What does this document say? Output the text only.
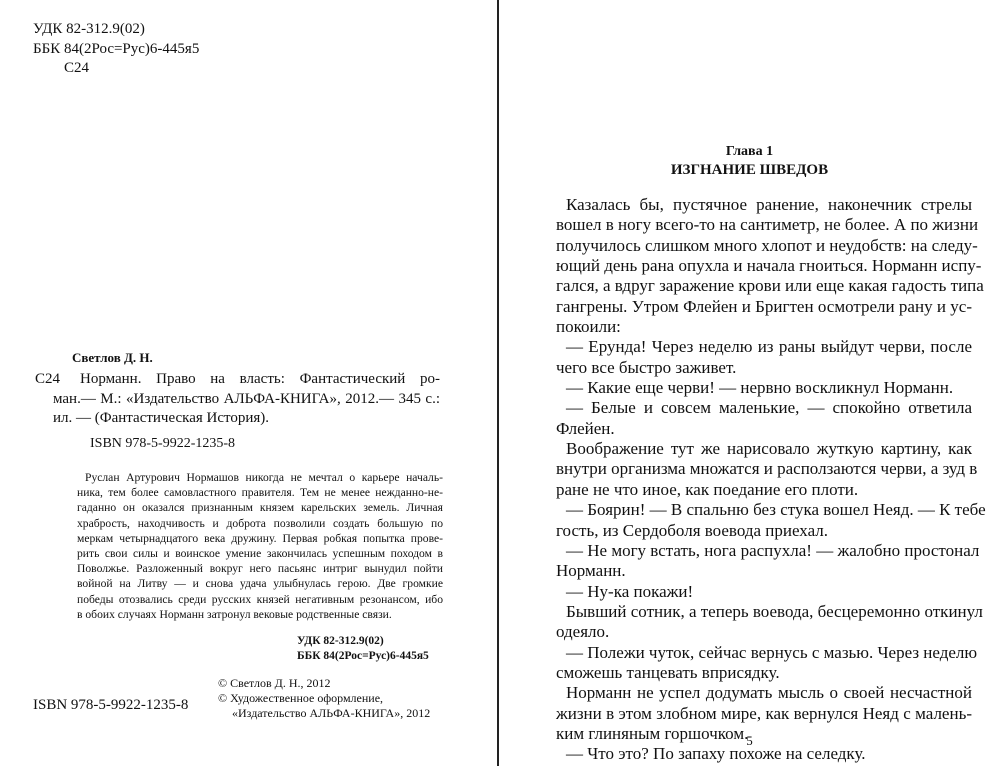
УДК 82-312.9(02)
ББК 84(2Рос=Рус)6-445я5
С24
Светлов Д. Н.

С24 Норманн. Право на власть: Фантастический ро-

ман.— М.: «Издательство АЛЬФА-КНИГА», 2012.— 345 с.:

ил. — (Фантастическая История).

ISBN 978-5-9922-1235-8

Руслан Артурович Нормашов никогда не мечтал о карьере началь-

ника, тем более самовластного правителя. Тем не менее нежданно-не-

гаданно он оказался признанным князем карельских земель. Личная

храбрость, находчивость и доброта позволили создать большую по

меркам четырнадцатого века дружину. Первая робкая попытка прове-

рить свои силы и воинское умение закончилась успешным походом в

Поволжье. Разложенный вокруг него пасьянс интриг вынудил пойти

войной на Литву — и снова удача улыбнулась герою. Две громкие

победы отозвались среди русских князей негативным резонансом, ибо

в обоих случаях Норманн затронул вековые родственные связи.

УДК 82-312.9(02)
ББК 84(2Рос=Рус)6-445я5
© Светлов Д. Н., 2012
© Художественное оформление,
«Издательство АЛЬФА-КНИГА», 2012
ISBN 978-5-9922-1235-8
Глава 1
ИЗГНАНИЕ ШВЕДОВ
Казалась бы, пустячное ранение, наконечник стрелы
вошел в ногу всего-то на сантиметр, не более. А по жизни
получилось слишком много хлопот и неудобств: на следу-
ющий день рана опухла и начала гноиться. Норманн испу-
гался, а вдруг заражение крови или еще какая гадость типа
гангрены. Утром Флейен и Бригтен осмотрели рану и ус-
покоили:
— Ерунда! Через неделю из раны выйдут черви, после
чего все быстро заживет.
— Какие еще черви! — нервно воскликнул Норманн.
— Белые и совсем маленькие, — спокойно ответила
Флейен.
Воображение тут же нарисовало жуткую картину, как
внутри организма множатся и расползаются черви, а зуд в
ране не что иное, как поедание его плоти.
— Боярин! — В спальню без стука вошел Неяд. — К тебе
гость, из Сердоболя воевода приехал.
— Не могу встать, нога распухла! — жалобно простонал
Норманн.
— Ну-ка покажи!
Бывший сотник, а теперь воевода, бесцеремонно откинул
одеяло.
— Полежи чуток, сейчас вернусь с мазью. Через неделю
сможешь танцевать вприсядку.
Норманн не успел додумать мысль о своей несчастной
жизни в этом злобном мире, как вернулся Неяд с малень-
ким глиняным горшочком.
— Что это? По запаху похоже на селедку.
5
